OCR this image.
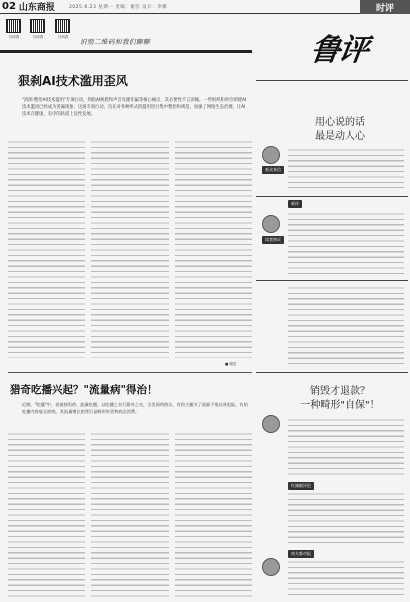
02 山东商报	2025.6.23 星期一 责编：谢臣 设计：李娜	时评
扫码看	扫码看	扫码看
识别二维码和我们聊聊	鲁评
狠刹AI技术滥用歪风
"清朗·整治AI技术滥用"专项行动，剑指AI换脸和声音克隆诈骗等核心痛点，其必要性不言而喻。一些组织和单位即使AI技术滥用已经成为普遍现象，这场专项行动，旨在对各种形式的滥用进行集中整治和规范，加强了网络生态治理，让AI技术在健康、有序的轨道上良性发展。
■ 晓语
猎奇吃播兴起？"流量病"得治！
近期，"吃播"中，表演独角兽、流量吃播，以吃播之名行猎奇之实，引发网络热议。有的主播为了流量不惜以身犯险，有的吃播内容毫无底线，其流量增长的背后是畸形审美和病态消费。
用心说的话
最是动人心
观众来信
新评
读者热议
销毁才退款？
一种畸形"自保"！
红辣椒评论
南方都市报
